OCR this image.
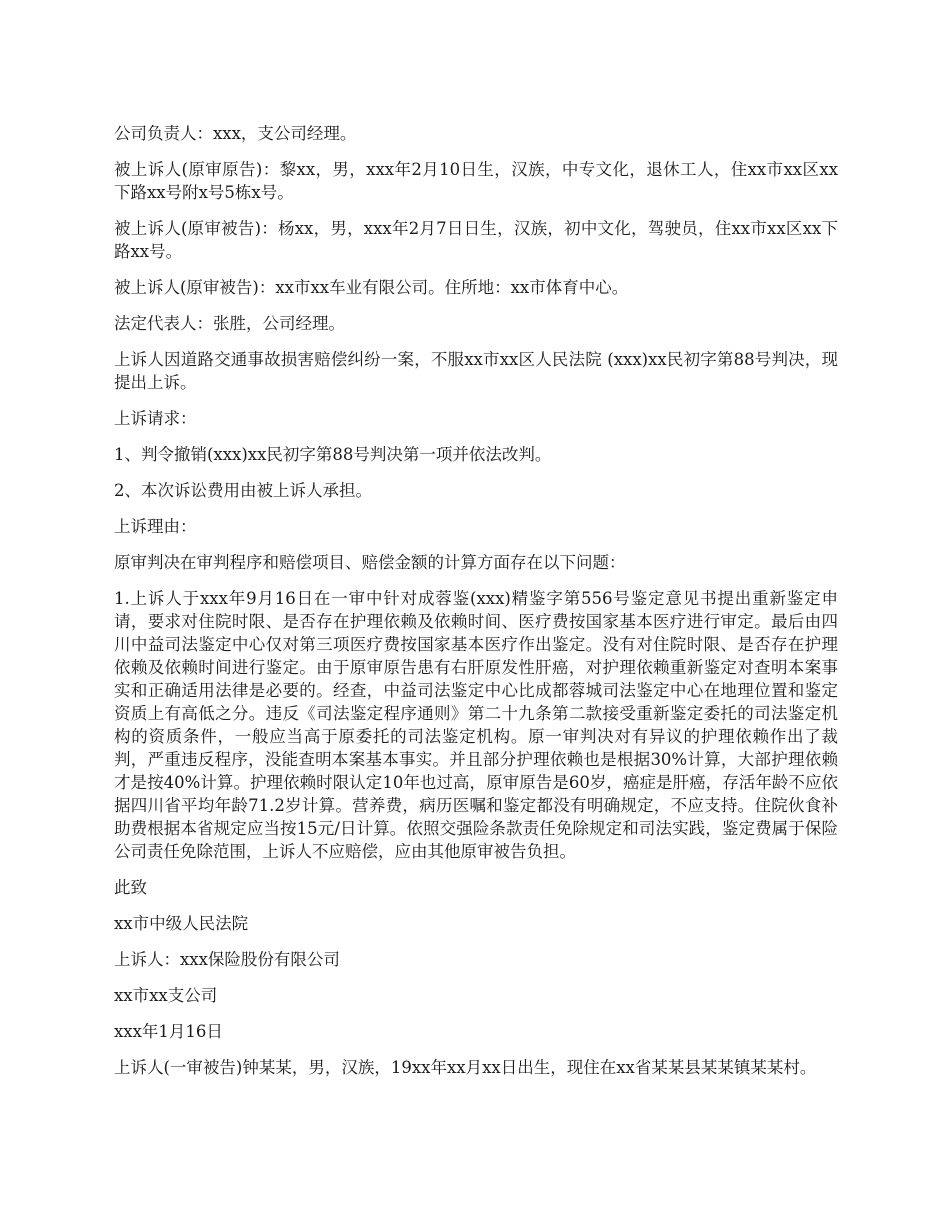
公司负责人：xxx，支公司经理。

被上诉人(原审原告)：黎xx，男，xxx年2月10日生，汉族，中专文化，退休工人，住xx市xx区xx下路xx号附x号5栋x号。

被上诉人(原审被告)：杨xx，男，xxx年2月7日日生，汉族，初中文化，驾驶员，住xx市xx区xx下路xx号。

被上诉人(原审被告)：xx市xx车业有限公司。住所地：xx市体育中心。

法定代表人：张胜，公司经理。

上诉人因道路交通事故损害赔偿纠纷一案，不服xx市xx区人民法院 (xxx)xx民初字第88号判决，现提出上诉。

上诉请求：

1、判令撤销(xxx)xx民初字第88号判决第一项并依法改判。

2、本次诉讼费用由被上诉人承担。

上诉理由：

原审判决在审判程序和赔偿项目、赔偿金额的计算方面存在以下问题：

1.上诉人于xxx年9月16日在一审中针对成蓉鉴(xxx)精鉴字第556号鉴定意见书提出重新鉴定申请，要求对住院时限、是否存在护理依赖及依赖时间、医疗费按国家基本医疗进行审定。最后由四川中益司法鉴定中心仅对第三项医疗费按国家基本医疗作出鉴定。没有对住院时限、是否存在护理依赖及依赖时间进行鉴定。由于原审原告患有右肝原发性肝癌，对护理依赖重新鉴定对查明本案事实和正确适用法律是必要的。经查，中益司法鉴定中心比成都蓉城司法鉴定中心在地理位置和鉴定资质上有高低之分。违反《司法鉴定程序通则》第二十九条第二款接受重新鉴定委托的司法鉴定机构的资质条件，一般应当高于原委托的司法鉴定机构。原一审判决对有异议的护理依赖作出了裁判，严重违反程序，没能查明本案基本事实。并且部分护理依赖也是根据30%计算，大部护理依赖才是按40%计算。护理依赖时限认定10年也过高，原审原告是60岁，癌症是肝癌，存活年龄不应依据四川省平均年龄71.2岁计算。营养费，病历医嘱和鉴定都没有明确规定，不应支持。住院伙食补助费根据本省规定应当按15元/日计算。依照交强险条款责任免除规定和司法实践，鉴定费属于保险公司责任免除范围，上诉人不应赔偿，应由其他原审被告负担。

此致

xx市中级人民法院

上诉人：xxx保险股份有限公司

xx市xx支公司

xxx年1月16日

上诉人(一审被告)钟某某，男，汉族，19xx年xx月xx日出生，现住在xx省某某县某某镇某某村。
